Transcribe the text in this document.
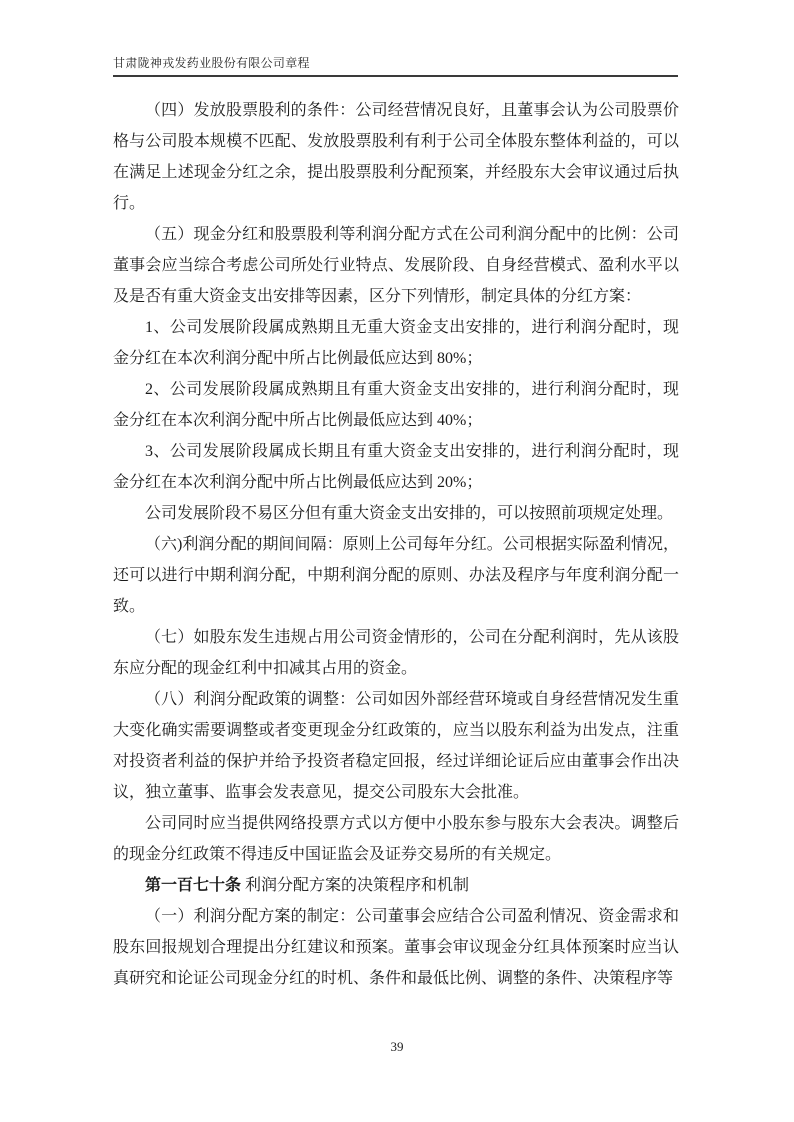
甘肃陇神戎发药业股份有限公司章程

（四）发放股票股利的条件：公司经营情况良好，且董事会认为公司股票价格与公司股本规模不匹配、发放股票股利有利于公司全体股东整体利益的，可以在满足上述现金分红之余，提出股票股利分配预案，并经股东大会审议通过后执行。

（五）现金分红和股票股利等利润分配方式在公司利润分配中的比例：公司董事会应当综合考虑公司所处行业特点、发展阶段、自身经营模式、盈利水平以及是否有重大资金支出安排等因素，区分下列情形，制定具体的分红方案：

1、公司发展阶段属成熟期且无重大资金支出安排的，进行利润分配时，现金分红在本次利润分配中所占比例最低应达到 80%；

2、公司发展阶段属成熟期且有重大资金支出安排的，进行利润分配时，现金分红在本次利润分配中所占比例最低应达到 40%；

3、公司发展阶段属成长期且有重大资金支出安排的，进行利润分配时，现金分红在本次利润分配中所占比例最低应达到 20%；

公司发展阶段不易区分但有重大资金支出安排的，可以按照前项规定处理。

（六)利润分配的期间间隔：原则上公司每年分红。公司根据实际盈利情况，还可以进行中期利润分配，中期利润分配的原则、办法及程序与年度利润分配一致。

（七）如股东发生违规占用公司资金情形的，公司在分配利润时，先从该股东应分配的现金红利中扣减其占用的资金。

（八）利润分配政策的调整：公司如因外部经营环境或自身经营情况发生重大变化确实需要调整或者变更现金分红政策的，应当以股东利益为出发点，注重对投资者利益的保护并给予投资者稳定回报，经过详细论证后应由董事会作出决议，独立董事、监事会发表意见，提交公司股东大会批准。

公司同时应当提供网络投票方式以方便中小股东参与股东大会表决。调整后的现金分红政策不得违反中国证监会及证券交易所的有关规定。

第一百七十条 利润分配方案的决策程序和机制

（一）利润分配方案的制定：公司董事会应结合公司盈利情况、资金需求和股东回报规划合理提出分红建议和预案。董事会审议现金分红具体预案时应当认真研究和论证公司现金分红的时机、条件和最低比例、调整的条件、决策程序等

39
